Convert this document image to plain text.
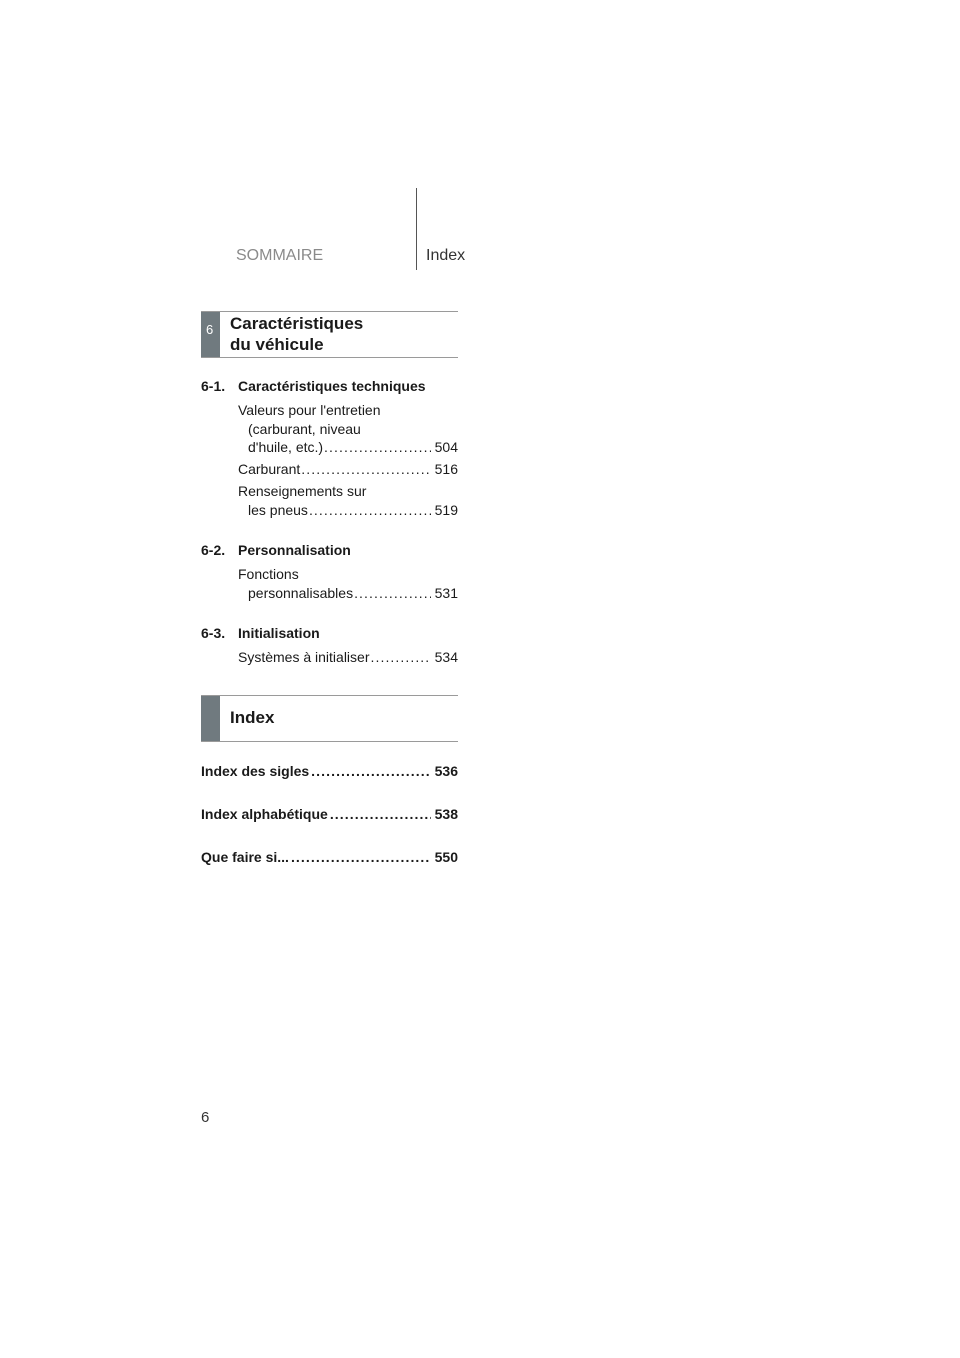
SOMMAIRE	Index
6 Caractéristiques
du véhicule
6-1. Caractéristiques techniques
Valeurs pour l'entretien
(carburant, niveau
d'huile, etc.) . . .	504
Carburant . . .	516
Renseignements sur
les pneus . . .	519
6-2. Personnalisation
Fonctions
personnalisables . . .	531
6-3. Initialisation
Systèmes à initialiser . . .	534
Index
Index des sigles . . .	536
Index alphabétique . . .	538
Que faire si... . . .	550
6
